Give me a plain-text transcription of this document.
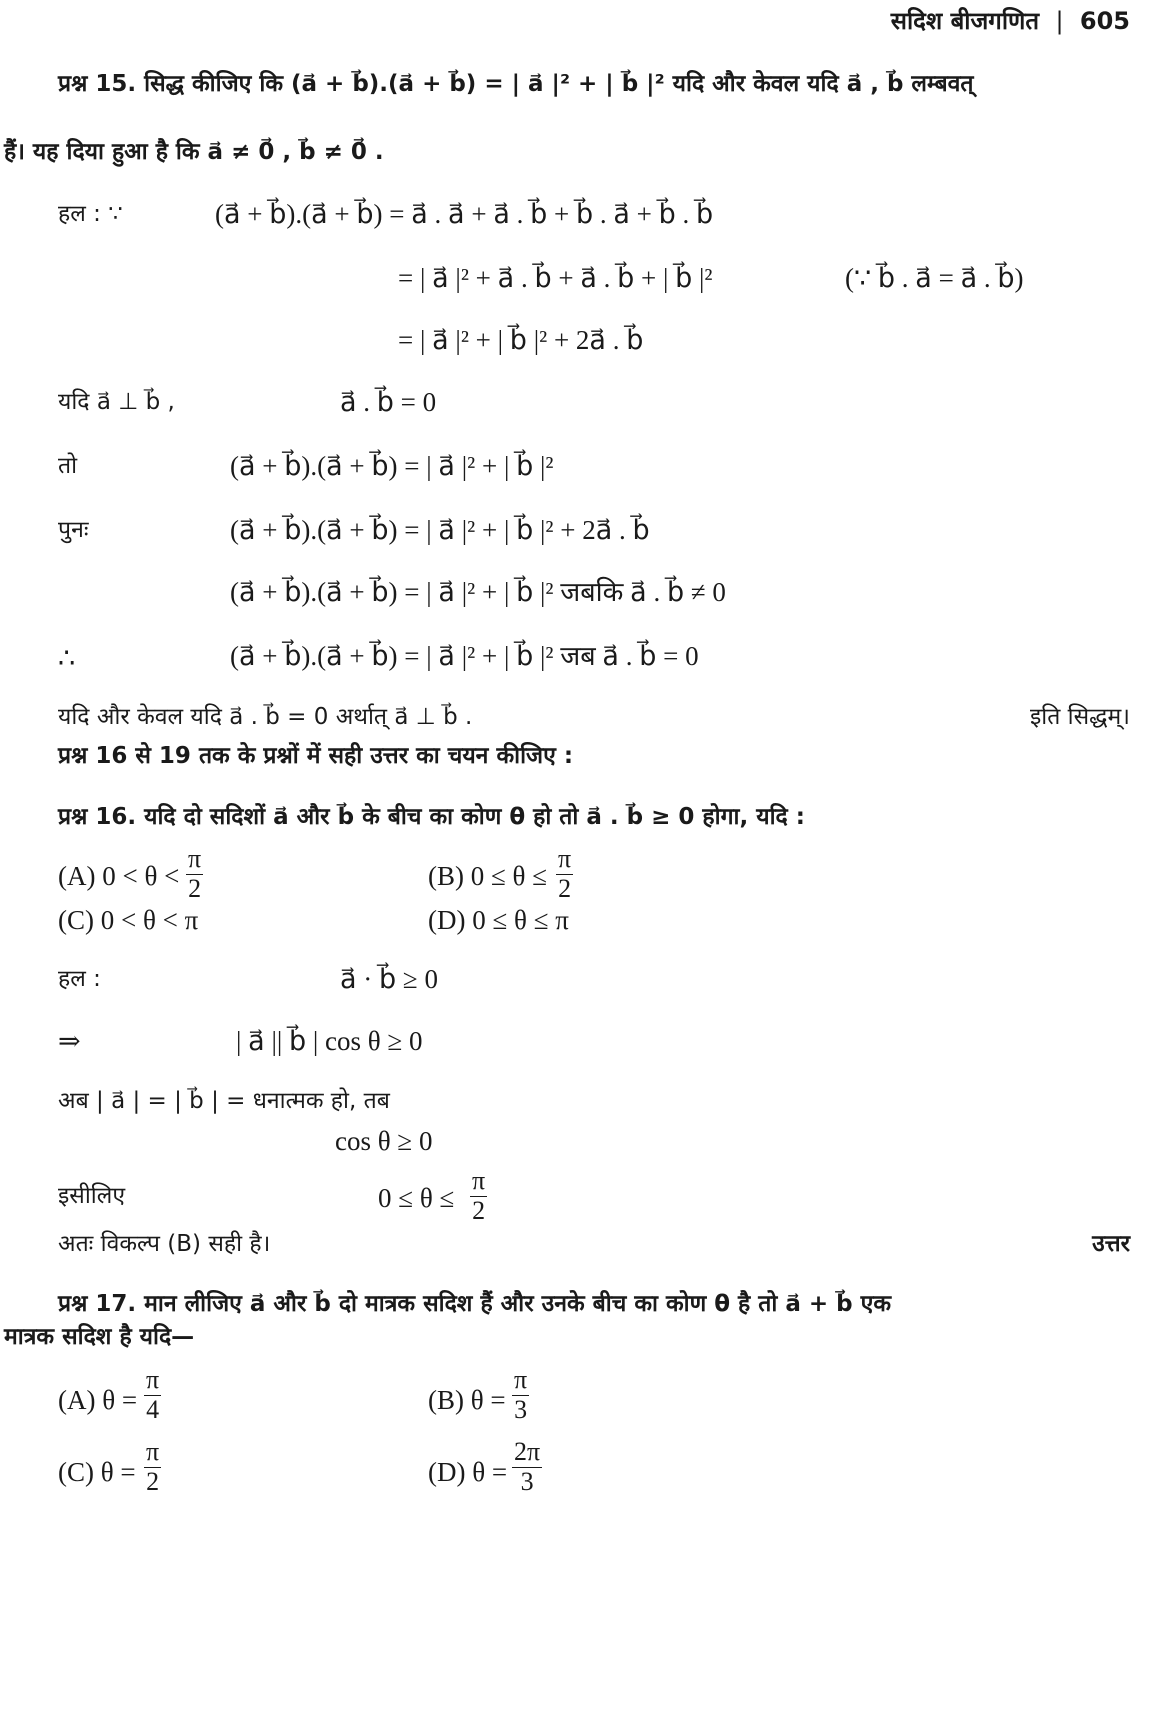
सदिश बीजगणित | 605
प्रश्न 15. सिद्ध कीजिए कि (a⃗ + b⃗).(a⃗ + b⃗) = | a⃗ |² + | b⃗ |² यदि और केवल यदि a⃗ , b⃗ लम्बवत्
हैं। यह दिया हुआ है कि a⃗ ≠ 0⃗ , b⃗ ≠ 0⃗ .
हल : ∵	(a⃗ + b⃗).(a⃗ + b⃗) = a⃗ . a⃗ + a⃗ . b⃗ + b⃗ . a⃗ + b⃗ . b⃗
= | a⃗ |² + a⃗ . b⃗ + a⃗ . b⃗ + | b⃗ |²	(∵ b⃗ . a⃗ = a⃗ . b⃗)
= | a⃗ |² + | b⃗ |² + 2a⃗ . b⃗
यदि a⃗ ⊥ b⃗ ,	a⃗ . b⃗ = 0
तो	(a⃗ + b⃗).(a⃗ + b⃗) = | a⃗ |² + | b⃗ |²
पुनः	(a⃗ + b⃗).(a⃗ + b⃗) = | a⃗ |² + | b⃗ |² + 2a⃗ . b⃗
(a⃗ + b⃗).(a⃗ + b⃗) = | a⃗ |² + | b⃗ |² जबकि a⃗ . b⃗ ≠ 0
∴	(a⃗ + b⃗).(a⃗ + b⃗) = | a⃗ |² + | b⃗ |² जब a⃗ . b⃗ = 0
यदि और केवल यदि a⃗ . b⃗ = 0 अर्थात् a⃗ ⊥ b⃗ .	इति सिद्धम्।
प्रश्न 16 से 19 तक के प्रश्नों में सही उत्तर का चयन कीजिए :
प्रश्न 16. यदि दो सदिशों a⃗ और b⃗ के बीच का कोण θ हो तो a⃗ . b⃗ ≥ 0 होगा, यदि :
(A) $0 < \theta < \frac{\pi}{2}$	(B) $0 \le \theta \le \frac{\pi}{2}$
(C) 0 < θ < π	(D) 0 ≤ θ ≤ π
हल :	a⃗ · b⃗ ≥ 0
⇒	| a⃗ || b⃗ | cos θ ≥ 0
अब | a⃗ | = | b⃗ | = धनात्मक हो, तब
cos θ ≥ 0
इसीलिए	$0 \le \theta \le \frac{\pi}{2}$
अतः विकल्प (B) सही है।	उत्तर
प्रश्न 17. मान लीजिए a⃗ और b⃗ दो मात्रक सदिश हैं और उनके बीच का कोण θ है तो a⃗ + b⃗ एक
मात्रक सदिश है यदि—
(A) $\theta = \frac{\pi}{4}$	(B) $\theta = \frac{\pi}{3}$
(C) $\theta = \frac{\pi}{2}$	(D) $\theta = \frac{2\pi}{3}$
